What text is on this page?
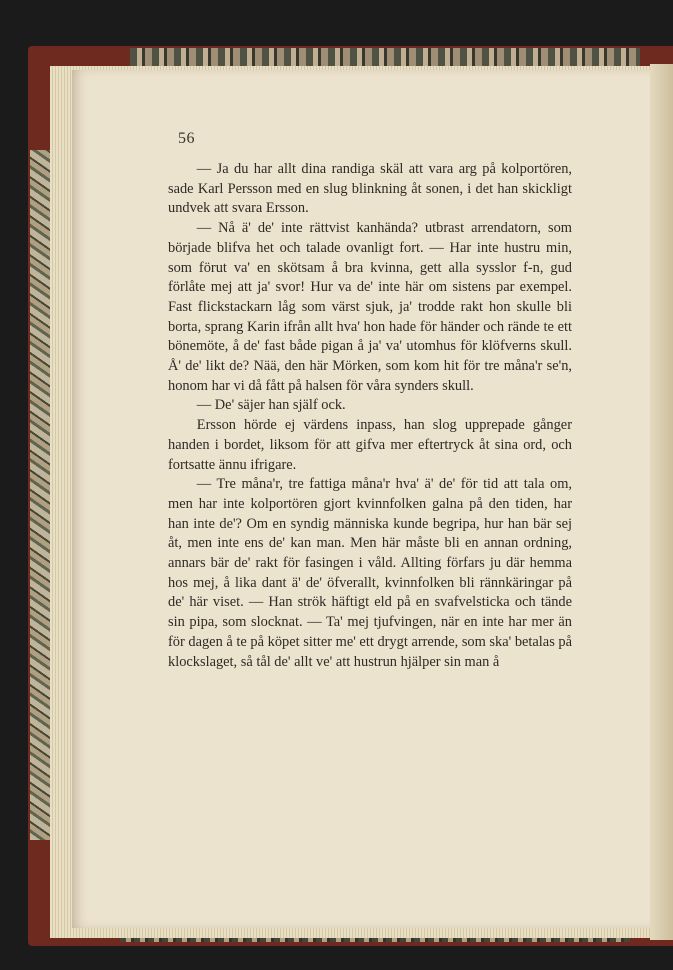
56

— Ja du har allt dina randiga skäl att vara arg på kolportören, sade Karl Persson med en slug blinkning åt sonen, i det han skickligt undvek att svara Ersson.

— Nå ä' de' inte rättvist kanhända? utbrast arrendatorn, som började blifva het och talade ovanligt fort. — Har inte hustru min, som förut va' en skötsam å bra kvinna, gett alla sysslor f-n, gud förlåte mej att ja' svor! Hur va de' inte här om sistens par exempel. Fast flickstackarn låg som värst sjuk, ja' trodde rakt hon skulle bli borta, sprang Karin ifrån allt hva' hon hade för händer och rände te ett bönemöte, å de' fast både pigan å ja' va' utomhus för klöfverns skull. Å' de' likt de? Nää, den här Mörken, som kom hit för tre måna'r se'n, honom har vi då fått på halsen för våra synders skull.

— De' säjer han själf ock.

Ersson hörde ej värdens inpass, han slog upprepade gånger handen i bordet, liksom för att gifva mer eftertryck åt sina ord, och fortsatte ännu ifrigare.

— Tre måna'r, tre fattiga måna'r hva' ä' de' för tid att tala om, men har inte kolportören gjort kvinnfolken galna på den tiden, har han inte de'? Om en syndig människa kunde begripa, hur han bär sej åt, men inte ens de' kan man. Men här måste bli en annan ordning, annars bär de' rakt för fasingen i våld. Allting förfars ju där hemma hos mej, å lika dant ä' de' öfverallt, kvinnfolken bli rännkäringar på de' här viset. — Han strök häftigt eld på en svafvelsticka och tände sin pipa, som slocknat. — Ta' mej tjufvingen, när en inte har mer än för dagen å te på köpet sitter me' ett drygt arrende, som ska' betalas på klockslaget, så tål de' allt ve' att hustrun hjälper sin man å
